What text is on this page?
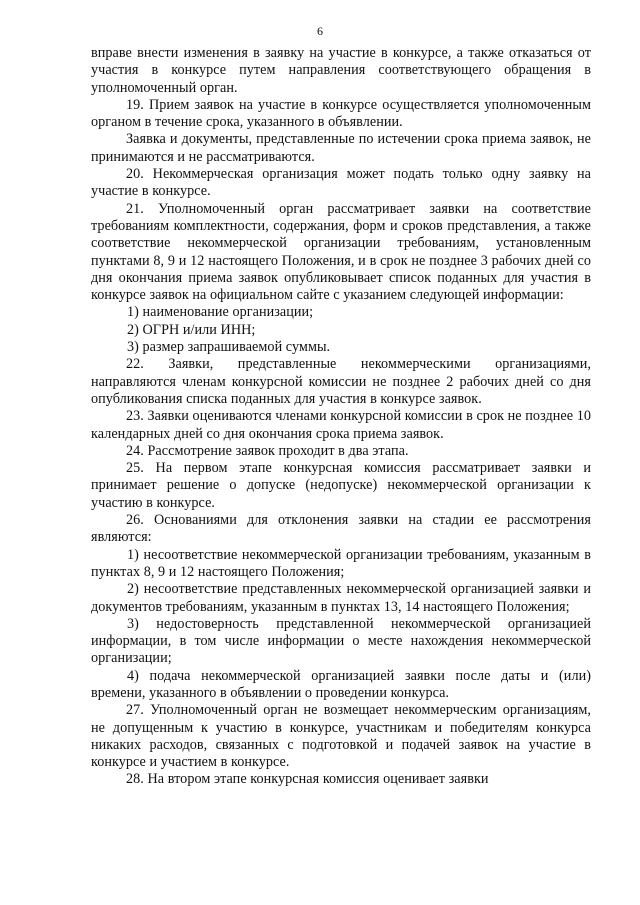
6

вправе внести изменения в заявку на участие в конкурсе, а также отказаться от участия в конкурсе путем направления соответствующего обращения в уполномоченный орган.

19. Прием заявок на участие в конкурсе осуществляется уполномоченным органом в течение срока, указанного в объявлении.

Заявка и документы, представленные по истечении срока приема заявок, не принимаются и не рассматриваются.

20. Некоммерческая организация может подать только одну заявку на участие в конкурсе.

21. Уполномоченный орган рассматривает заявки на соответствие требованиям комплектности, содержания, форм и сроков представления, а также соответствие некоммерческой организации требованиям, установленным пунктами 8, 9 и 12 настоящего Положения, и в срок не позднее 3 рабочих дней со дня окончания приема заявок опубликовывает список поданных для участия в конкурсе заявок на официальном сайте с указанием следующей информации:

1) наименование организации;

2) ОГРН и/или ИНН;

3) размер запрашиваемой суммы.

22. Заявки, представленные некоммерческими организациями, направляются членам конкурсной комиссии не позднее 2 рабочих дней со дня опубликования списка поданных для участия в конкурсе заявок.

23. Заявки оцениваются членами конкурсной комиссии в срок не позднее 10 календарных дней со дня окончания срока приема заявок.

24. Рассмотрение заявок проходит в два этапа.

25. На первом этапе конкурсная комиссия рассматривает заявки и принимает решение о допуске (недопуске) некоммерческой организации к участию в конкурсе.

26. Основаниями для отклонения заявки на стадии ее рассмотрения являются:

1) несоответствие некоммерческой организации требованиям, указанным в пунктах 8, 9 и 12 настоящего Положения;

2) несоответствие представленных некоммерческой организацией заявки и документов требованиям, указанным в пунктах 13, 14 настоящего Положения;

3) недостоверность представленной некоммерческой организацией информации, в том числе информации о месте нахождения некоммерческой организации;

4) подача некоммерческой организацией заявки после даты и (или) времени, указанного в объявлении о проведении конкурса.

27. Уполномоченный орган не возмещает некоммерческим организациям, не допущенным к участию в конкурсе, участникам и победителям конкурса никаких расходов, связанных с подготовкой и подачей заявок на участие в конкурсе и участием в конкурсе.

28. На втором этапе конкурсная комиссия оценивает заявки
